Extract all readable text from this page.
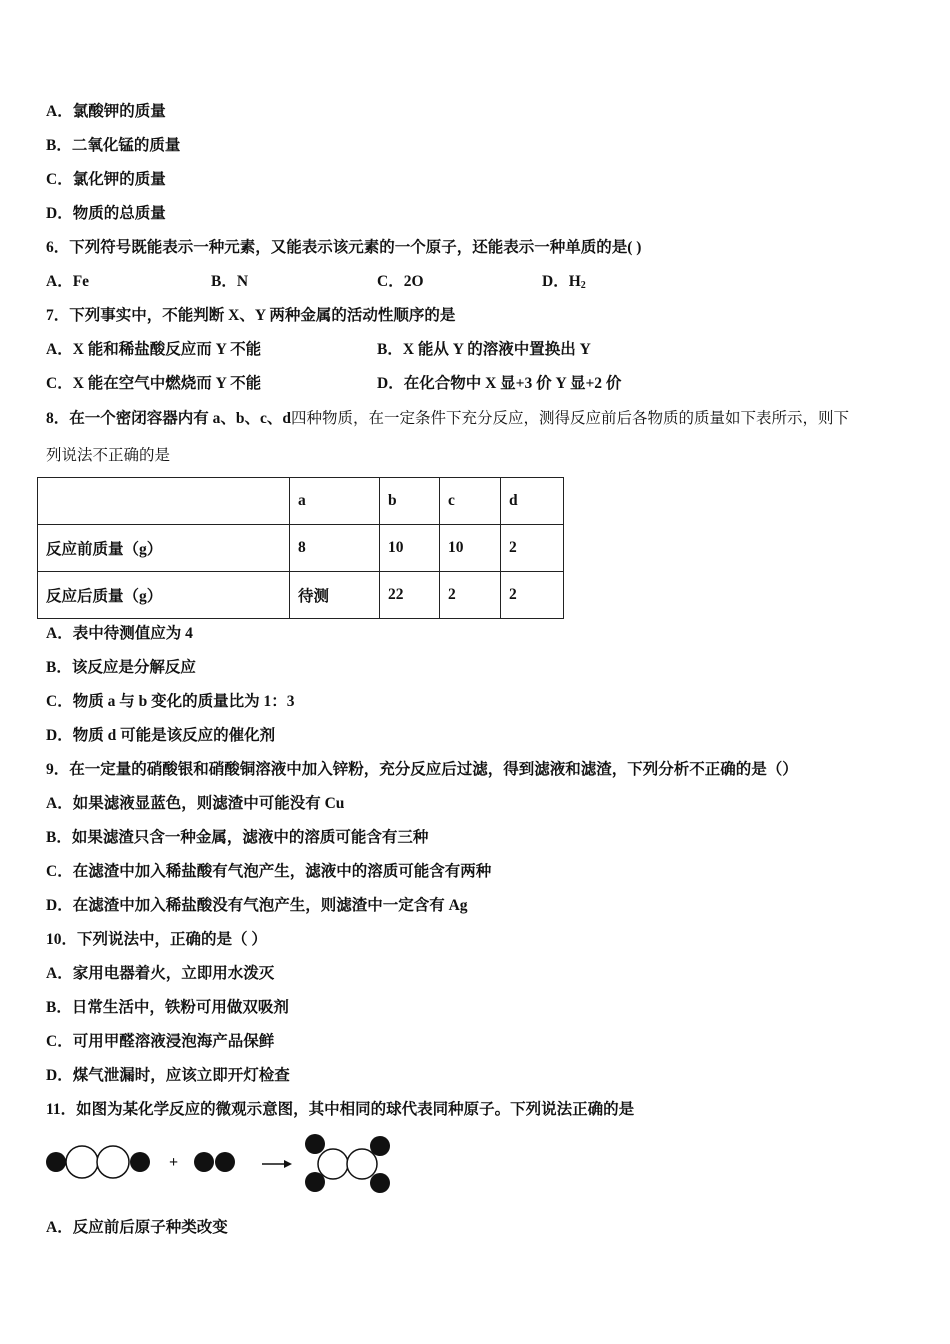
A．氯酸钾的质量
B．二氧化锰的质量
C．氯化钾的质量
D．物质的总质量
6．下列符号既能表示一种元素，又能表示该元素的一个原子，还能表示一种单质的是( )
A．Fe	B．N	C．2O	D．$H_2$
7．下列事实中，不能判断 X、Y 两种金属的活动性顺序的是
A．X 能和稀盐酸反应而 Y 不能	B．X 能从 Y 的溶液中置换出 Y
C．X 能在空气中燃烧而 Y 不能	D．在化合物中 X 显+3 价 Y 显+2 价
8．在一个密闭容器内有 a、b、c、d四种物质，在一定条件下充分反应，测得反应前后各物质的质量如下表所示，则下
列说法不正确的是
	a	b	c	d
反应前质量（g）	8	10	10	2
反应后质量（g）	待测	22	2	2
A．表中待测值应为 4
B．该反应是分解反应
C．物质 a 与 b 变化的质量比为 1：3
D．物质 d 可能是该反应的催化剂
9．在一定量的硝酸银和硝酸铜溶液中加入锌粉，充分反应后过滤，得到滤液和滤渣，下列分析不正确的是（）
A．如果滤液显蓝色，则滤渣中可能没有 Cu
B．如果滤渣只含一种金属，滤液中的溶质可能含有三种
C．在滤渣中加入稀盐酸有气泡产生，滤液中的溶质可能含有两种
D．在滤渣中加入稀盐酸没有气泡产生，则滤渣中一定含有 Ag
10．下列说法中，正确的是（ ）
A．家用电器着火，立即用水泼灭
B．日常生活中，铁粉可用做双吸剂
C．可用甲醛溶液浸泡海产品保鲜
D．煤气泄漏时，应该立即开灯检查
11．如图为某化学反应的微观示意图，其中相同的球代表同种原子。下列说法正确的是
+
A．反应前后原子种类改变
